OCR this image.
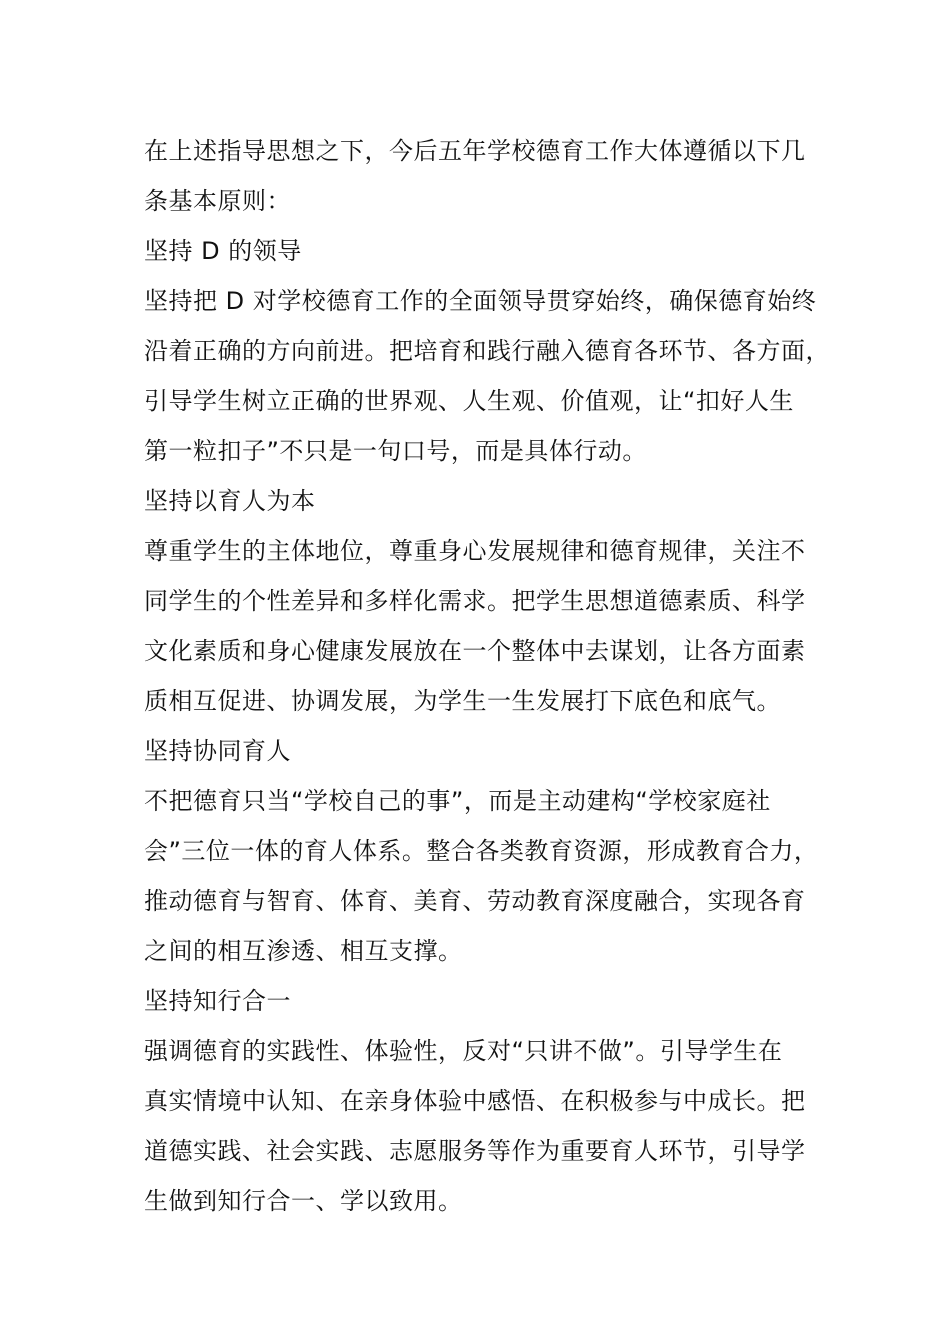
在上述指导思想之下，今后五年学校德育工作大体遵循以下几
条基本原则：
坚持 D 的领导
坚持把 D 对学校德育工作的全面领导贯穿始终，确保德育始终
沿着正确的方向前进。把培育和践行融入德育各环节、各方面，
引导学生树立正确的世界观、人生观、价值观，让“扣好人生
第一粒扣子”不只是一句口号，而是具体行动。
坚持以育人为本
尊重学生的主体地位，尊重身心发展规律和德育规律，关注不
同学生的个性差异和多样化需求。把学生思想道德素质、科学
文化素质和身心健康发展放在一个整体中去谋划，让各方面素
质相互促进、协调发展，为学生一生发展打下底色和底气。
坚持协同育人
不把德育只当“学校自己的事”，而是主动建构“学校家庭社
会”三位一体的育人体系。整合各类教育资源，形成教育合力，
推动德育与智育、体育、美育、劳动教育深度融合，实现各育
之间的相互渗透、相互支撑。
坚持知行合一
强调德育的实践性、体验性，反对“只讲不做”。引导学生在
真实情境中认知、在亲身体验中感悟、在积极参与中成长。把
道德实践、社会实践、志愿服务等作为重要育人环节，引导学
生做到知行合一、学以致用。
